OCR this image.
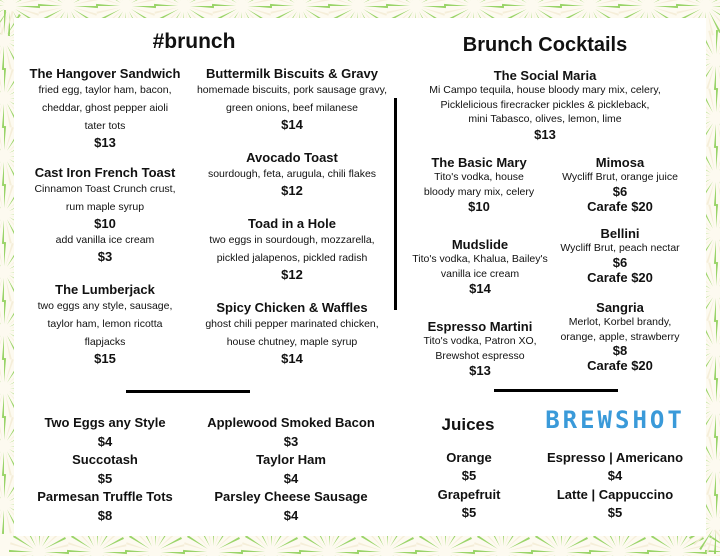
#brunch
The Hangover Sandwich
fried egg, taylor ham, bacon,
cheddar, ghost pepper aioli
tater tots
$13
Cast Iron French Toast
Cinnamon Toast Crunch crust,
rum maple syrup
$10
add vanilla ice cream
$3
The Lumberjack
two eggs any style, sausage,
taylor ham, lemon ricotta
flapjacks
$15
Buttermilk Biscuits & Gravy
homemade biscuits, pork sausage gravy,
green onions, beef milanese
$14
Avocado Toast
sourdough, feta, arugula, chili flakes
$12
Toad in a Hole
two eggs in sourdough, mozzarella,
pickled jalapenos, pickled radish
$12
Spicy Chicken & Waffles
ghost chili pepper marinated chicken,
house chutney, maple syrup
$14
Two Eggs any Style
$4
Succotash
$5
Parmesan Truffle Tots
$8
Applewood Smoked Bacon
$3
Taylor Ham
$4
Parsley Cheese Sausage
$4
Brunch Cocktails
The Social Maria
Mi Campo tequila, house bloody mary mix, celery,
Picklelicious firecracker pickles & pickleback,
mini Tabasco, olives, lemon, lime
$13
The Basic Mary
Tito's vodka, house
bloody mary mix, celery
$10
Mudslide
Tito's vodka, Khalua, Bailey's
vanilla ice cream
$14
Espresso Martini
Tito's vodka, Patron XO,
Brewshot espresso
$13
Mimosa
Wycliff Brut, orange juice
$6
Carafe $20
Bellini
Wycliff Brut, peach nectar
$6
Carafe $20
Sangria
Merlot, Korbel brandy,
orange, apple, strawberry
$8
Carafe $20
Juices
Orange
$5
Grapefruit
$5
BREWSHOT
Espresso | Americano
$4
Latte | Cappuccino
$5
